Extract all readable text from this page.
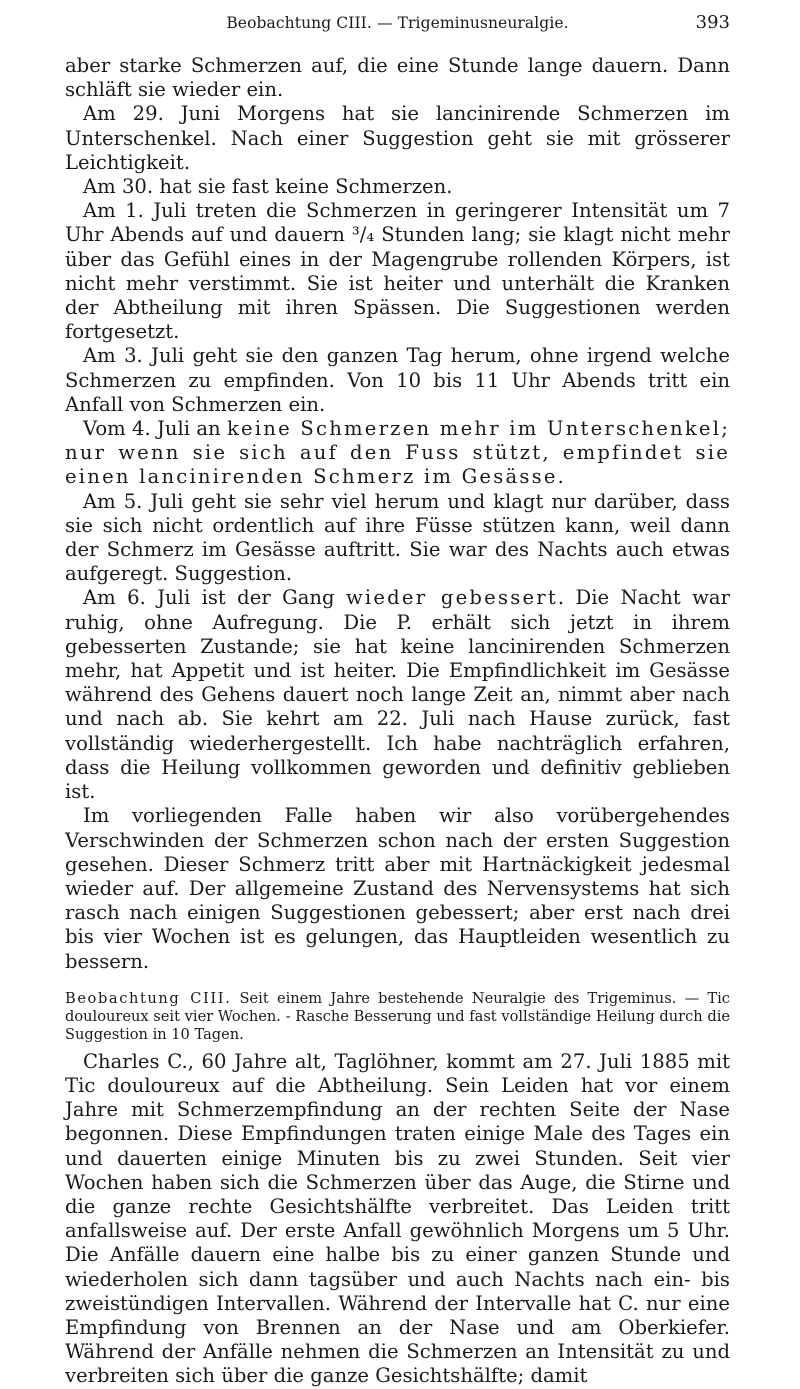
Beobachtung CIII. — Trigeminusneuralgie.	393

aber starke Schmerzen auf, die eine Stunde lange dauern. Dann schläft sie wieder ein.

Am 29. Juni Morgens hat sie lancinirende Schmerzen im Unterschenkel. Nach einer Suggestion geht sie mit grösserer Leichtigkeit.

Am 30. hat sie fast keine Schmerzen.

Am 1. Juli treten die Schmerzen in geringerer Intensität um 7 Uhr Abends auf und dauern ³/₄ Stunden lang; sie klagt nicht mehr über das Gefühl eines in der Magengrube rollenden Körpers, ist nicht mehr verstimmt. Sie ist heiter und unterhält die Kranken der Abtheilung mit ihren Spässen. Die Suggestionen werden fortgesetzt.

Am 3. Juli geht sie den ganzen Tag herum, ohne irgend welche Schmerzen zu empfinden. Von 10 bis 11 Uhr Abends tritt ein Anfall von Schmerzen ein.

Vom 4. Juli an keine Schmerzen mehr im Unterschenkel; nur wenn sie sich auf den Fuss stützt, empfindet sie einen lancinirenden Schmerz im Gesässe.

Am 5. Juli geht sie sehr viel herum und klagt nur darüber, dass sie sich nicht ordentlich auf ihre Füsse stützen kann, weil dann der Schmerz im Gesässe auftritt. Sie war des Nachts auch etwas aufgeregt. Suggestion.

Am 6. Juli ist der Gang wieder gebessert. Die Nacht war ruhig, ohne Aufregung. Die P. erhält sich jetzt in ihrem gebesserten Zustande; sie hat keine lancinirenden Schmerzen mehr, hat Appetit und ist heiter. Die Empfindlichkeit im Gesässe während des Gehens dauert noch lange Zeit an, nimmt aber nach und nach ab. Sie kehrt am 22. Juli nach Hause zurück, fast vollständig wiederhergestellt. Ich habe nachträglich erfahren, dass die Heilung vollkommen geworden und definitiv geblieben ist.

Im vorliegenden Falle haben wir also vorübergehendes Verschwinden der Schmerzen schon nach der ersten Suggestion gesehen. Dieser Schmerz tritt aber mit Hartnäckigkeit jedesmal wieder auf. Der allgemeine Zustand des Nervensystems hat sich rasch nach einigen Suggestionen gebessert; aber erst nach drei bis vier Wochen ist es gelungen, das Hauptleiden wesentlich zu bessern.

Beobachtung CIII. Seit einem Jahre bestehende Neuralgie des Trigeminus. — Tic douloureux seit vier Wochen. - Rasche Besserung und fast vollständige Heilung durch die Suggestion in 10 Tagen.

Charles C., 60 Jahre alt, Taglöhner, kommt am 27. Juli 1885 mit Tic douloureux auf die Abtheilung. Sein Leiden hat vor einem Jahre mit Schmerzempfindung an der rechten Seite der Nase begonnen. Diese Empfindungen traten einige Male des Tages ein und dauerten einige Minuten bis zu zwei Stunden. Seit vier Wochen haben sich die Schmerzen über das Auge, die Stirne und die ganze rechte Gesichtshälfte verbreitet. Das Leiden tritt anfallsweise auf. Der erste Anfall gewöhnlich Morgens um 5 Uhr. Die Anfälle dauern eine halbe bis zu einer ganzen Stunde und wiederholen sich dann tagsüber und auch Nachts nach ein- bis zweistündigen Intervallen. Während der Intervalle hat C. nur eine Empfindung von Brennen an der Nase und am Oberkiefer. Während der Anfälle nehmen die Schmerzen an Intensität zu und verbreiten sich über die ganze Gesichtshälfte; damit
